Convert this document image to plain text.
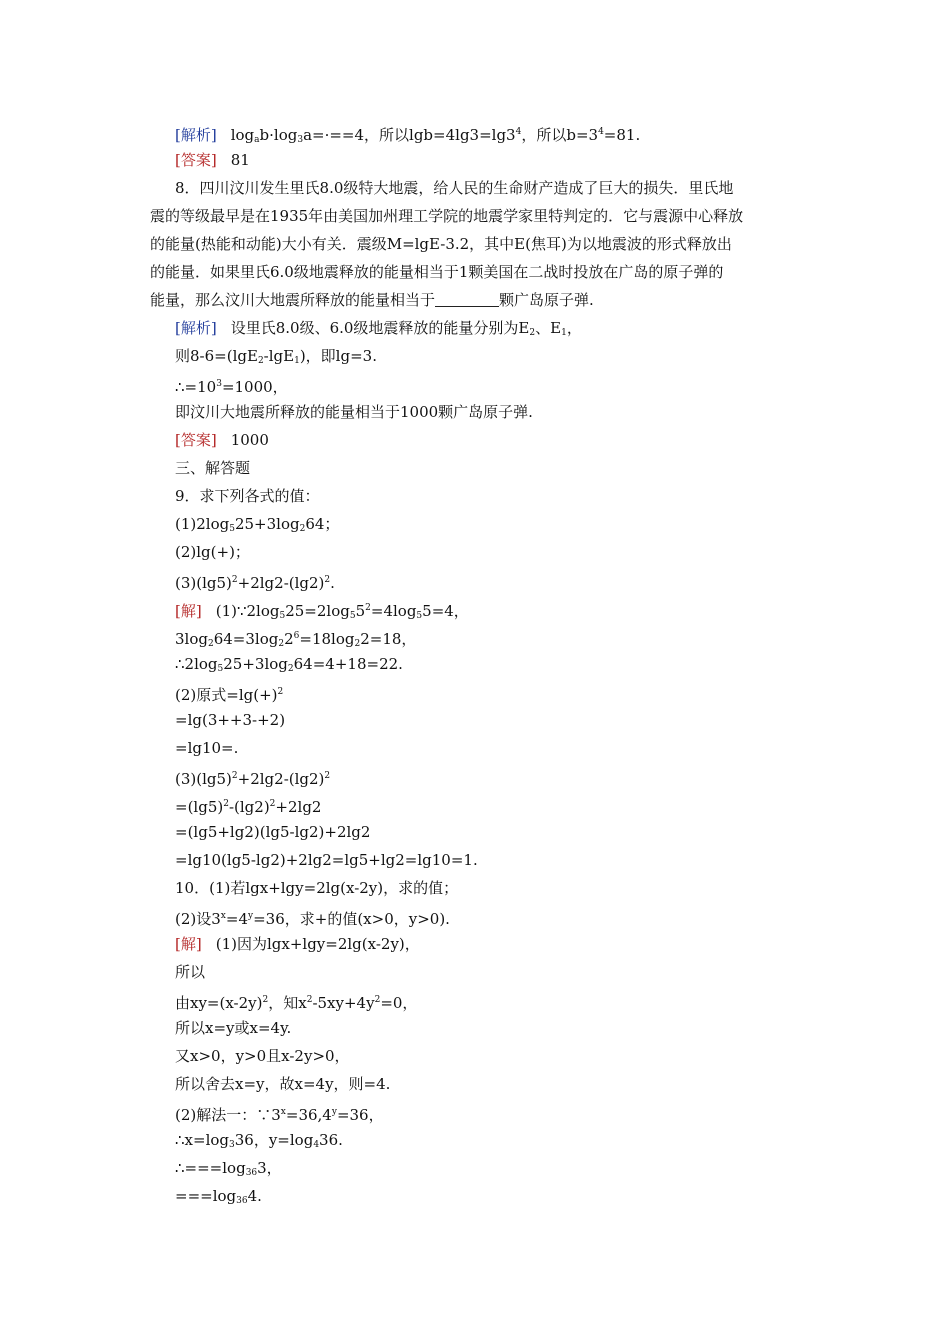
[解析] $\log_ab\cdot\log_3a=\cdot==4$，所以$\lg b=4\lg 3=\lg 3^4$，所以$b=3^4=81$.
[答案] 81
8．四川汶川发生里氏8.0级特大地震，给人民的生命财产造成了巨大的损失．里氏地
震的等级最早是在1935年由美国加州理工学院的地震学家里特判定的．它与震源中心释放
的能量(热能和动能)大小有关．震级M=lgE-3.2，其中E(焦耳)为以地震波的形式释放出
的能量．如果里氏6.0级地震释放的能量相当于1颗美国在二战时投放在广岛的原子弹的
能量，那么汶川大地震所释放的能量相当于	颗广岛原子弹.
[解析] 设里氏8.0级、6.0级地震释放的能量分别为$E_2$、$E_1$，
则8-6=(lgE$_2$-lgE$_1$)，即lg=3.
$\therefore=10^3=1000$，
即汶川大地震所释放的能量相当于1000颗广岛原子弹.
[答案] 1000
三、解答题
9．求下列各式的值：
$(1)2\log_525+3\log_264$；
(2)lg(+)；
$(3)(\lg 5)^2+2\lg 2-(\lg 2)^2$.
[解] $(1)\because 2\log_525=2\log_55^2=4\log_55=4$，
$3\log_264=3\log_22^6=18\log_22=18$，
$\therefore 2\log_525+3\log_264=4+18=22$.
(2)原式$=\lg(+)^2$
=lg(3++3-+2)
=lg10=.
$(3)(\lg 5)^2+2\lg 2-(\lg 2)^2$
$=(\lg 5)^2-(\lg 2)^2+2\lg 2$
=(lg5+lg2)(lg5-lg2)+2lg2
=lg10(lg5-lg2)+2lg2=lg5+lg2=lg10=1.
10．(1)若lgx+lgy=2lg(x-2y)，求的值；
(2)设$3^x=4^y=36$，求+的值(x>0，y>0).
[解] (1)因为lgx+lgy=2lg(x-2y)，
所以
由$xy=(x-2y)^2$，知$x^2-5xy+4y^2=0$，
所以x=y或x=4y.
又x>0，y>0且x-2y>0，
所以舍去x=y，故x=4y，则=4.
(2)解法一：$\because 3^x=36,4^y=36$，
$\therefore x=\log_336$，$y=\log_436$.
$\therefore===\log_{36}3$，
$===\log_{36}4$.
